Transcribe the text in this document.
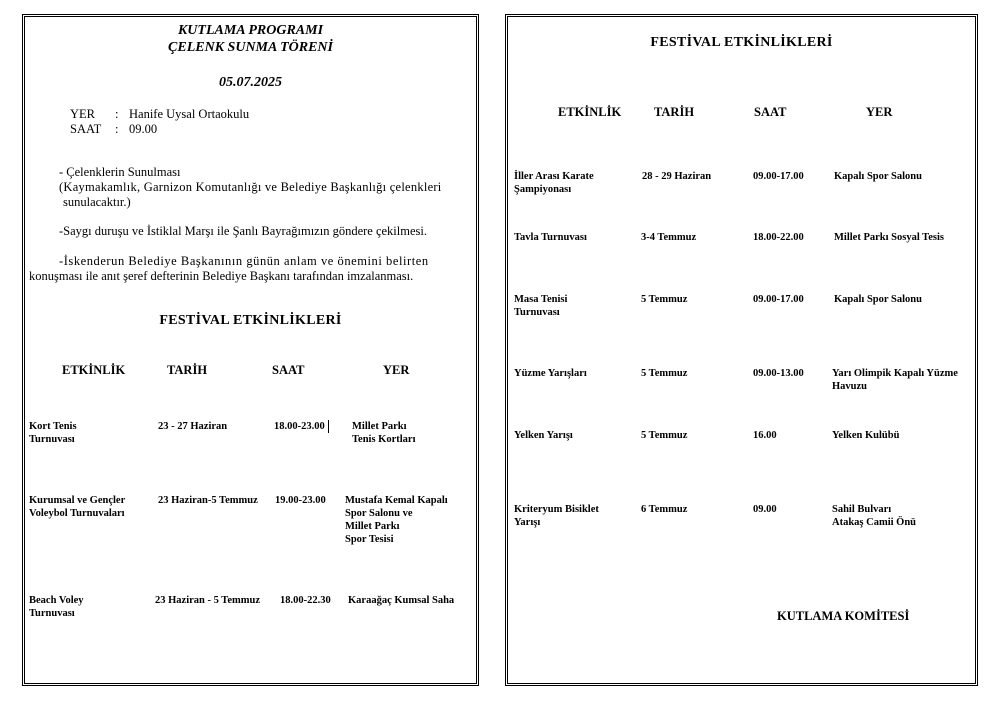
KUTLAMA PROGRAMI
ÇELENK SUNMA TÖRENİ
05.07.2025
YER : Hanife Uysal Ortaokulu
SAAT : 09.00
- Çelenklerin Sunulması
(Kaymakamlık, Garnizon Komutanlığı ve Belediye Başkanlığı çelenkleri
sunulacaktır.)
-Saygı duruşu ve İstiklal Marşı ile Şanlı Bayrağımızın göndere çekilmesi.
-İskenderun Belediye Başkanının günün anlam ve önemini belirten
konuşması ile anıt şeref defterinin Belediye Başkanı tarafından imzalanması.
FESTİVAL ETKİNLİKLERİ
ETKİNLİK	TARİH	SAAT	YER
Kort Tenis
Turnuvası
23 - 27 Haziran	18.00-23.00	Millet Parkı
Tenis Kortları
Kurumsal ve Gençler
Voleybol Turnuvaları
23 Haziran-5 Temmuz 19.00-23.00 Mustafa Kemal Kapalı
Spor Salonu ve
Millet Parkı
Spor Tesisi
Beach Voley
Turnuvası
23 Haziran - 5 Temmuz 18.00-22.30 Karaağaç Kumsal Saha
FESTİVAL ETKİNLİKLERİ
ETKİNLİK	TARİH	SAAT	YER
İller Arası Karate
Şampiyonası
28 - 29 Haziran	09.00-17.00	Kapalı Spor Salonu
Tavla Turnuvası	3-4 Temmuz	18.00-22.00	Millet Parkı Sosyal Tesis
Masa Tenisi
Turnuvası
5 Temmuz	09.00-17.00	Kapalı Spor Salonu
Yüzme Yarışları	5 Temmuz	09.00-13.00	Yarı Olimpik Kapalı Yüzme
Havuzu
Yelken Yarışı	5 Temmuz	16.00	Yelken Kulübü
Kriteryum Bisiklet
Yarışı
6 Temmuz	09.00	Sahil Bulvarı
Atakaş Camii Önü
KUTLAMA KOMİTESİ
